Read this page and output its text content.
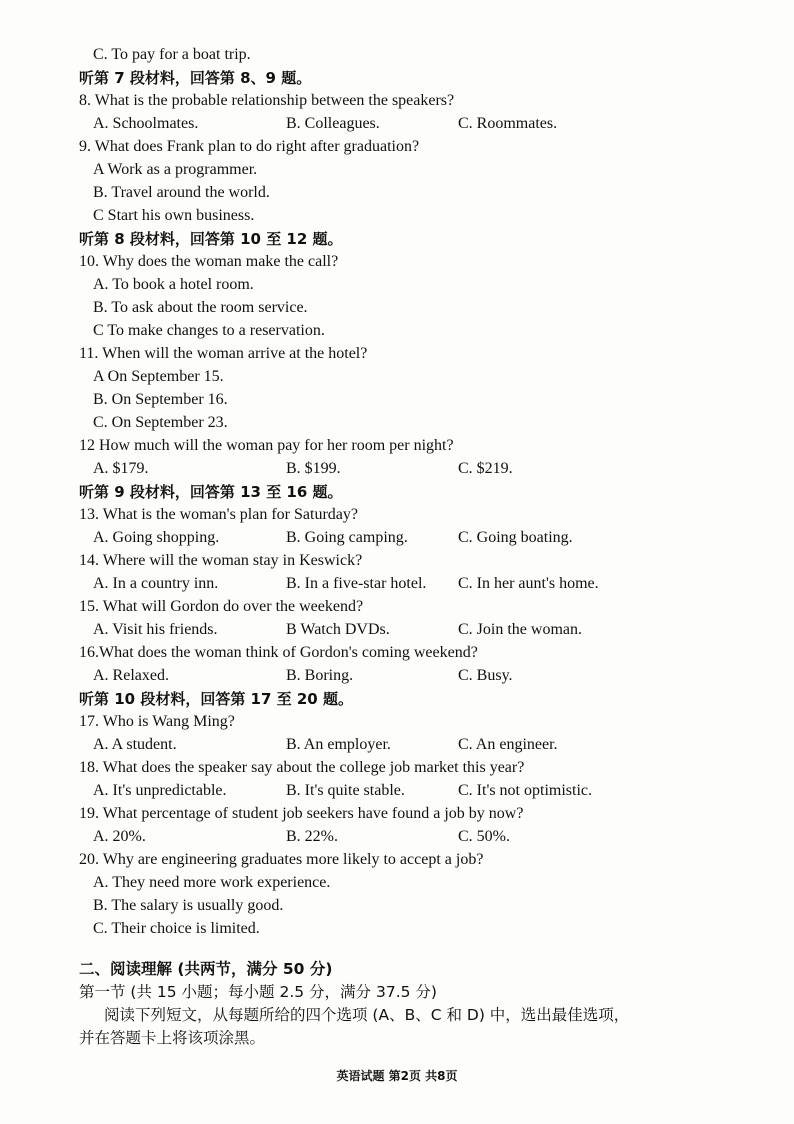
C. To pay for a boat trip.
听第 7 段材料，回答第 8、9 题。
8. What is the probable relationship between the speakers?
A. Schoolmates.	B. Colleagues.	C. Roommates.
9. What does Frank plan to do right after graduation?
A Work as a programmer.
B. Travel around the world.
C Start his own business.
听第 8 段材料，回答第 10 至 12 题。
10. Why does the woman make the call?
A. To book a hotel room.
B. To ask about the room service.
C To make changes to a reservation.
11. When will the woman arrive at the hotel?
A On September 15.
B. On September 16.
C. On September 23.
12 How much will the woman pay for her room per night?
A. $179.	B. $199.	C. $219.
听第 9 段材料，回答第 13 至 16 题。
13. What is the woman's plan for Saturday?
A. Going shopping.	B. Going camping.	C. Going boating.
14. Where will the woman stay in Keswick?
A. In a country inn.	B. In a five-star hotel. C. In her aunt's home.
15. What will Gordon do over the weekend?
A. Visit his friends.	B Watch DVDs.	C. Join the woman.
16.What does the woman think of Gordon's coming weekend?
A. Relaxed.	B. Boring.	C. Busy.
听第 10 段材料，回答第 17 至 20 题。
17. Who is Wang Ming?
A. A student.	B. An employer.	C. An engineer.
18. What does the speaker say about the college job market this year?
A. It's unpredictable.	B. It's quite stable.	C. It's not optimistic.
19. What percentage of student job seekers have found a job by now?
A. 20%.	B. 22%.	C. 50%.
20. Why are engineering graduates more likely to accept a job?
A. They need more work experience.
B. The salary is usually good.
C. Their choice is limited.
二、阅读理解 (共两节，满分 50 分)
第一节 (共 15 小题；每小题 2.5 分，满分 37.5 分)
阅读下列短文，从每题所给的四个选项 (A、B、C 和 D) 中，选出最佳选项，
并在答题卡上将该项涂黑。
英语试题 第2页 共8页
